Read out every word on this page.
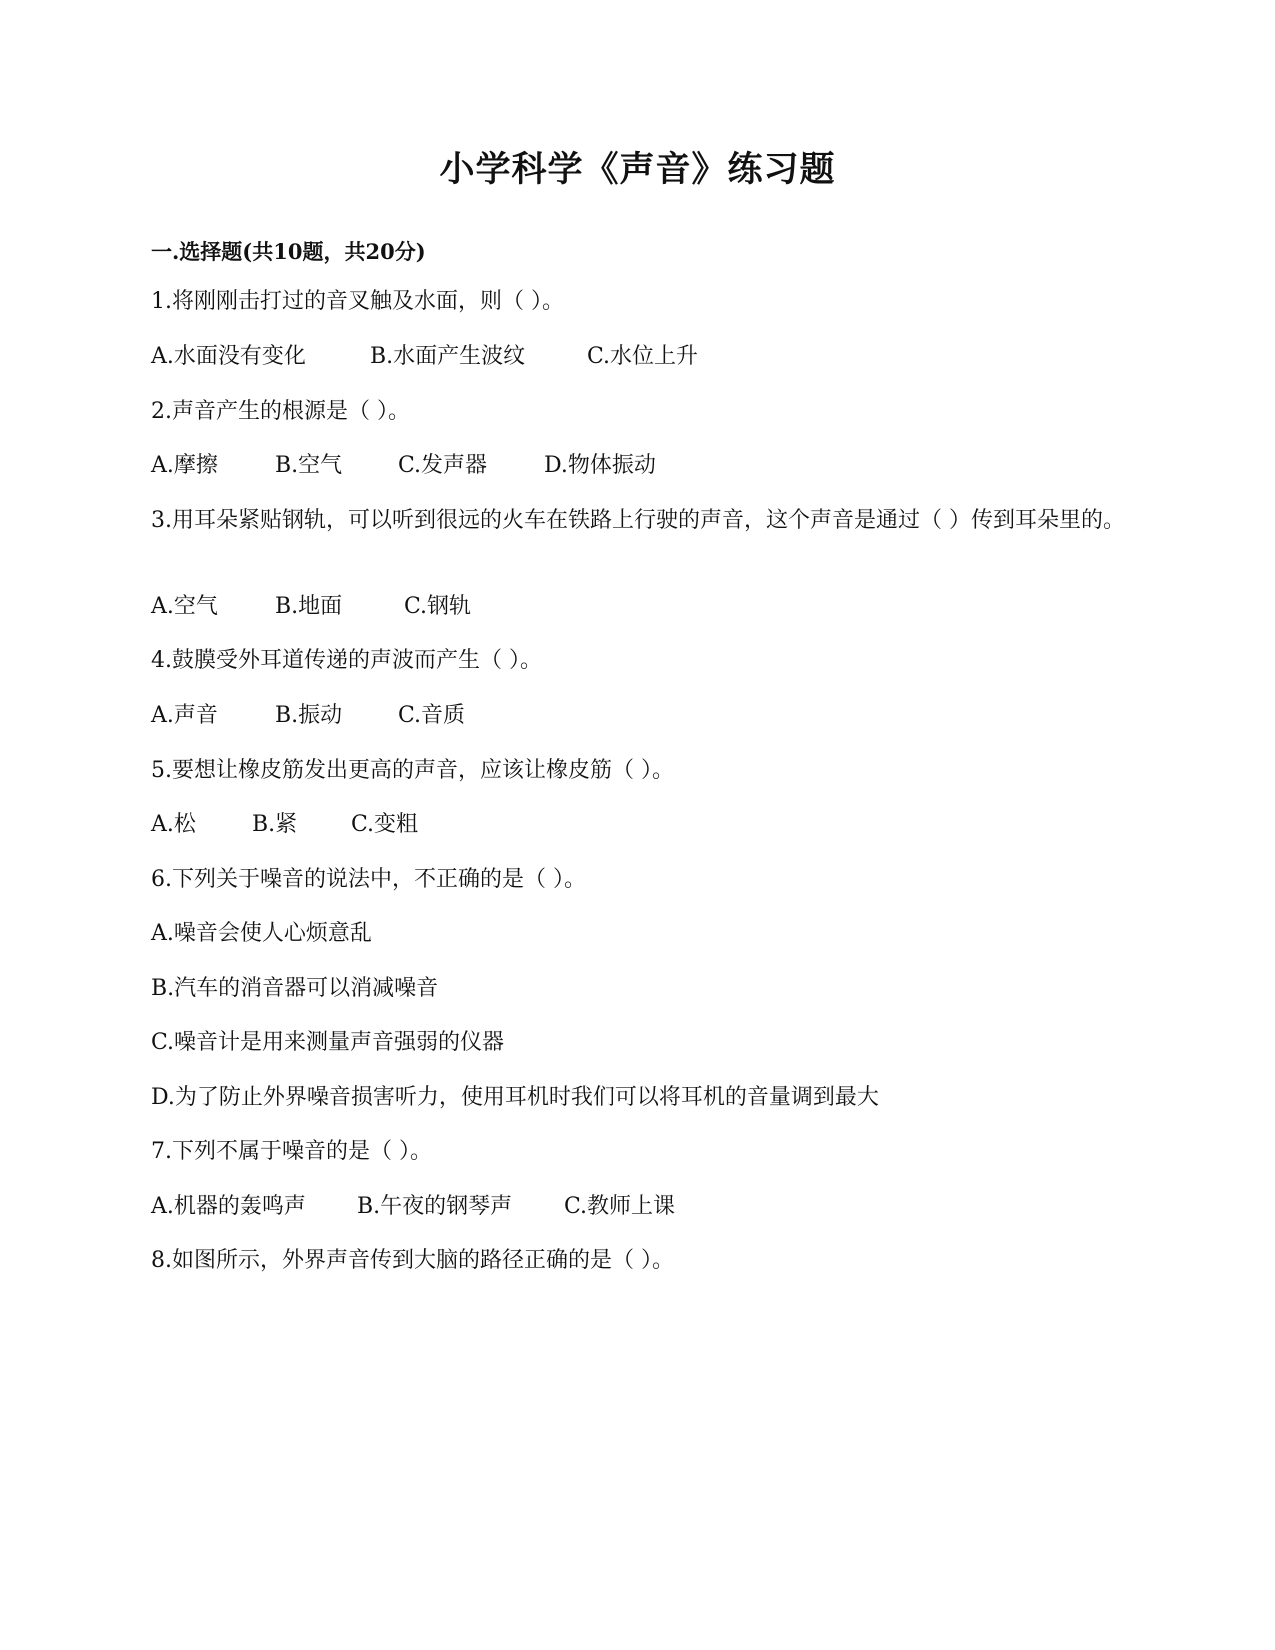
小学科学《声音》练习题
一.选择题(共10题，共20分)
1.将刚刚击打过的音叉触及水面，则（ ）。
A.水面没有变化	B.水面产生波纹	C.水位上升
2.声音产生的根源是（ ）。
A.摩擦	B.空气	C.发声器	D.物体振动
3.用耳朵紧贴钢轨，可以听到很远的火车在铁路上行驶的声音，这个声音是通过（ ）传到耳朵里的。
A.空气	B.地面	C.钢轨
4.鼓膜受外耳道传递的声波而产生（ ）。
A.声音	B.振动	C.音质
5.要想让橡皮筋发出更高的声音，应该让橡皮筋（ ）。
A.松	B.紧 C.变粗
6.下列关于噪音的说法中，不正确的是（ ）。
A.噪音会使人心烦意乱
B.汽车的消音器可以消减噪音
C.噪音计是用来测量声音强弱的仪器
D.为了防止外界噪音损害听力，使用耳机时我们可以将耳机的音量调到最大
7.下列不属于噪音的是（ ）。
A.机器的轰鸣声 B.午夜的钢琴声 C.教师上课
8.如图所示，外界声音传到大脑的路径正确的是（ ）。
